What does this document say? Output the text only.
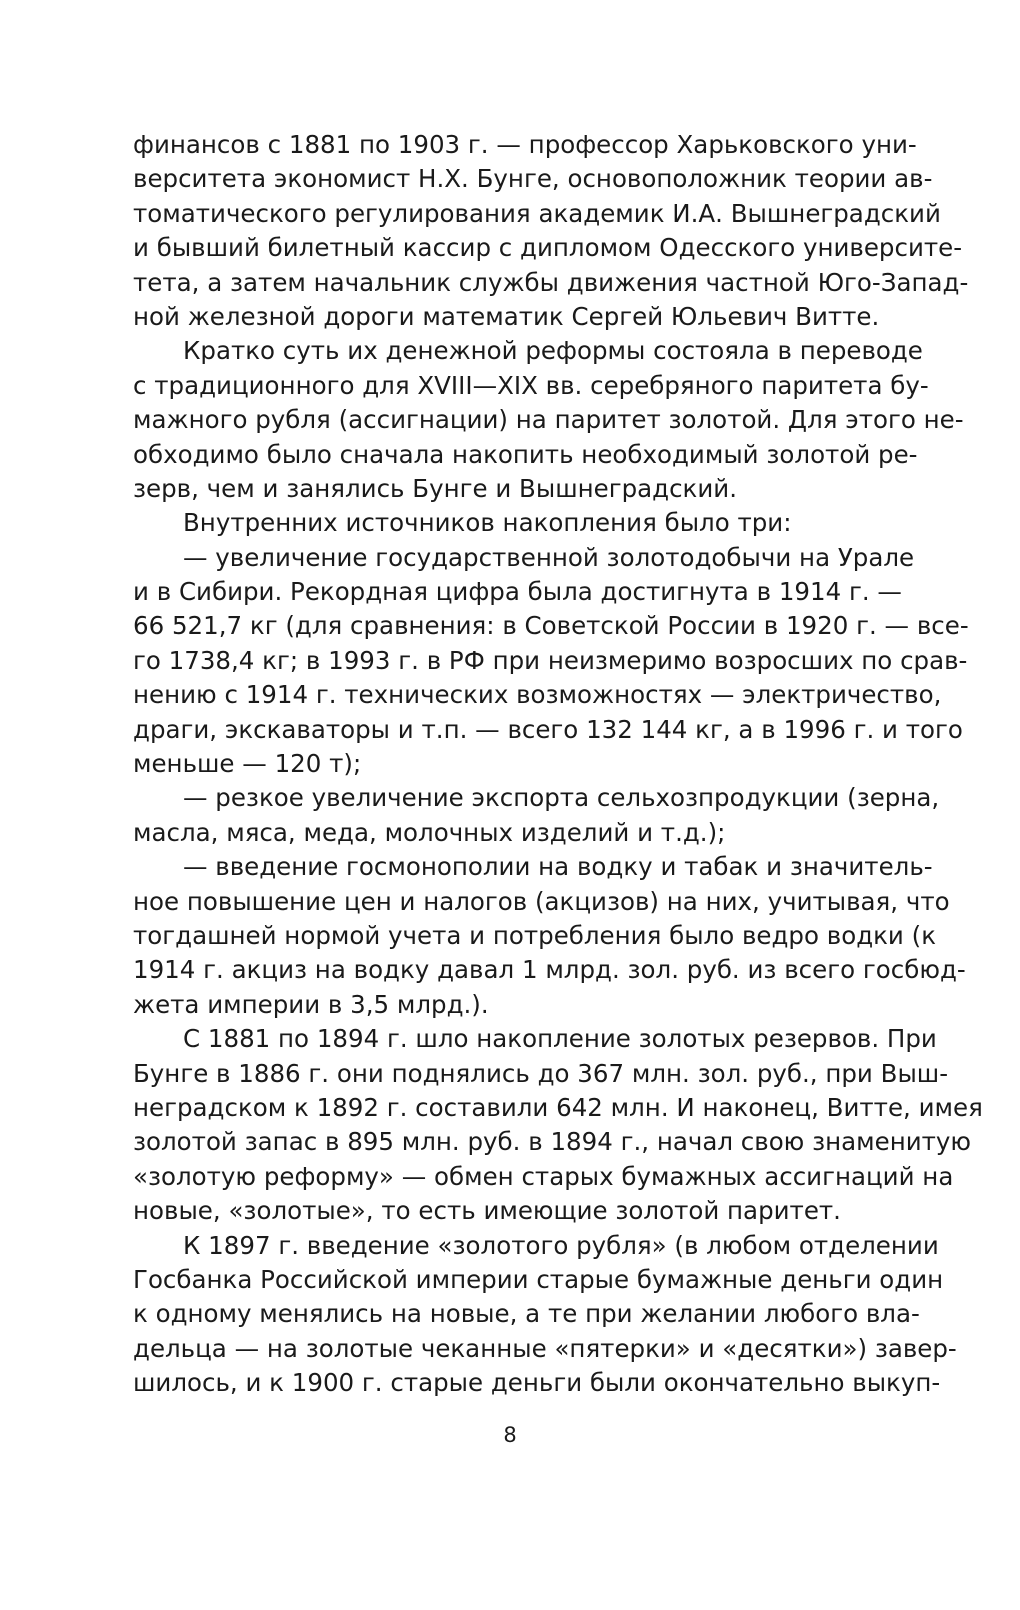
финансов с 1881 по 1903 г. — профессор Харьковского уни-
верситета экономист Н.Х. Бунге, основоположник теории ав-
томатического регулирования академик И.А. Вышнеградский
и бывший билетный кассир с дипломом Одесского университе-
тета, а затем начальник службы движения частной Юго-Запад-
ной железной дороги математик Сергей Юльевич Витте.
Кратко суть их денежной реформы состояла в переводе
с традиционного для XVIII—XIX вв. серебряного паритета бу-
мажного рубля (ассигнации) на паритет золотой. Для этого не-
обходимо было сначала накопить необходимый золотой ре-
зерв, чем и занялись Бунге и Вышнеградский.
Внутренних источников накопления было три:
— увеличение государственной золотодобычи на Урале
и в Сибири. Рекордная цифра была достигнута в 1914 г. —
66 521,7 кг (для сравнения: в Советской России в 1920 г. — все-
го 1738,4 кг; в 1993 г. в РФ при неизмеримо возросших по срав-
нению с 1914 г. технических возможностях — электричество,
драги, экскаваторы и т.п. — всего 132 144 кг, а в 1996 г. и того
меньше — 120 т);
— резкое увеличение экспорта сельхозпродукции (зерна,
масла, мяса, меда, молочных изделий и т.д.);
— введение госмонополии на водку и табак и значитель-
ное повышение цен и налогов (акцизов) на них, учитывая, что
тогдашней нормой учета и потребления было ведро водки (к
1914 г. акциз на водку давал 1 млрд. зол. руб. из всего госбюд-
жета империи в 3,5 млрд.).
С 1881 по 1894 г. шло накопление золотых резервов. При
Бунге в 1886 г. они поднялись до 367 млн. зол. руб., при Выш-
неградском к 1892 г. составили 642 млн. И наконец, Витте, имея
золотой запас в 895 млн. руб. в 1894 г., начал свою знаменитую
«золотую реформу» — обмен старых бумажных ассигнаций на
новые, «золотые», то есть имеющие золотой паритет.
К 1897 г. введение «золотого рубля» (в любом отделении
Госбанка Российской империи старые бумажные деньги один
к одному менялись на новые, а те при желании любого вла-
дельца — на золотые чеканные «пятерки» и «десятки») завер-
шилось, и к 1900 г. старые деньги были окончательно выкуп-
8
